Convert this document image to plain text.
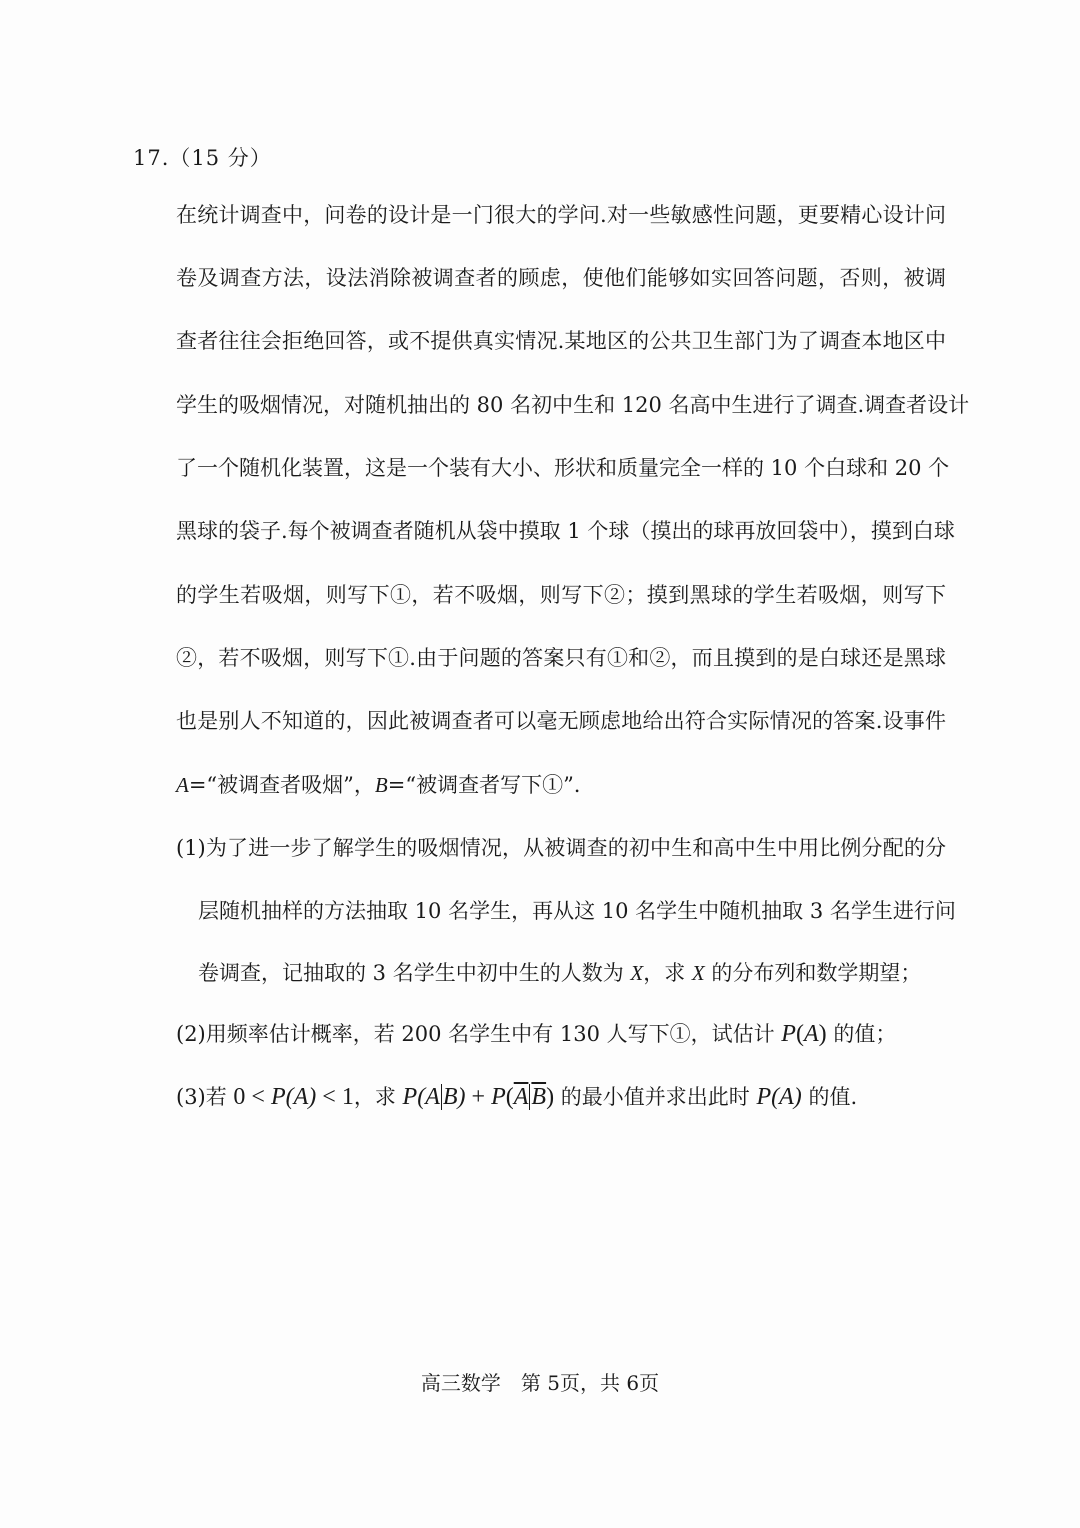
17.（15 分）
在统计调查中，问卷的设计是一门很大的学问.对一些敏感性问题，更要精心设计问
卷及调查方法，设法消除被调查者的顾虑，使他们能够如实回答问题，否则，被调
查者往往会拒绝回答，或不提供真实情况.某地区的公共卫生部门为了调查本地区中
学生的吸烟情况，对随机抽出的 80 名初中生和 120 名高中生进行了调查.调查者设计
了一个随机化装置，这是一个装有大小、形状和质量完全一样的 10 个白球和 20 个
黑球的袋子.每个被调查者随机从袋中摸取 1 个球（摸出的球再放回袋中），摸到白球
的学生若吸烟，则写下①，若不吸烟，则写下②；摸到黑球的学生若吸烟，则写下
②，若不吸烟，则写下①.由于问题的答案只有①和②，而且摸到的是白球还是黑球
也是别人不知道的，因此被调查者可以毫无顾虑地给出符合实际情况的答案.设事件
A=“被调查者吸烟”，B=“被调查者写下①”.
(1)为了进一步了解学生的吸烟情况，从被调查的初中生和高中生中用比例分配的分
层随机抽样的方法抽取 10 名学生，再从这 10 名学生中随机抽取 3 名学生进行问
卷调查，记抽取的 3 名学生中初中生的人数为 X，求 X 的分布列和数学期望；
(2)用频率估计概率，若 200 名学生中有 130 人写下①，试估计 P(A) 的值；
(3)若 0 < P(A) < 1，求 P(A $B) + P(\overline{A}$ $\overline{B}$) 的最小值并求出此时 P(A) 的值.
高三数学　第 5页，共 6页
